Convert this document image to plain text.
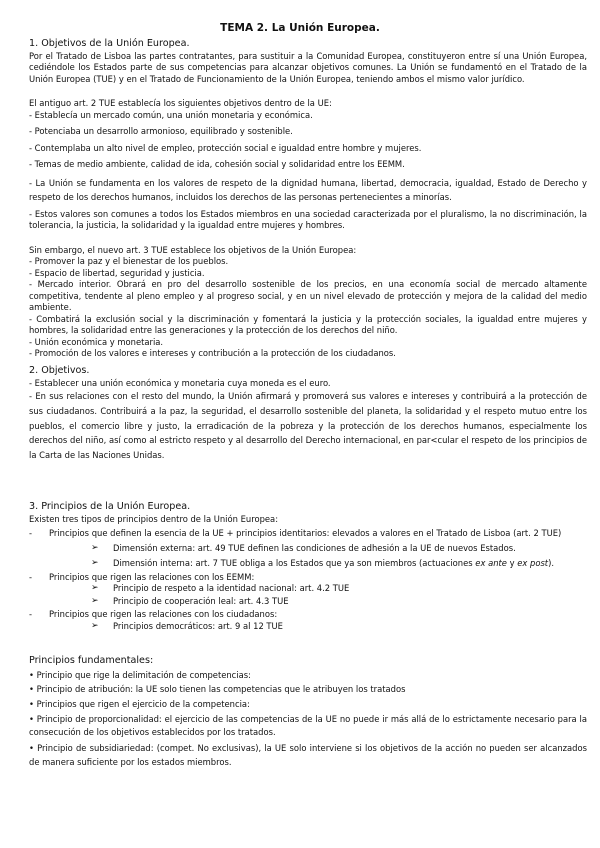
TEMA 2. La Unión Europea.
1. Objetivos de la Unión Europea.
Por el Tratado de Lisboa las partes contratantes, para sustituir a la Comunidad Europea, constituyeron entre sí una Unión Europea, cediéndole los Estados parte de sus competencias para alcanzar objetivos comunes. La Unión se fundamentó en el Tratado de la Unión Europea (TUE) y en el Tratado de Funcionamiento de la Unión Europea, teniendo ambos el mismo valor jurídico.
El antiguo art. 2 TUE establecía los siguientes objetivos dentro de la UE:
- Establecía un mercado común, una unión monetaria y económica.
- Potenciaba un desarrollo armonioso, equilibrado y sostenible.
- Contemplaba un alto nivel de empleo, protección social e igualdad entre hombre y mujeres.
- Temas de medio ambiente, calidad de ida, cohesión social y solidaridad entre los EEMM.
- La Unión se fundamenta en los valores de respeto de la dignidad humana, libertad, democracia, igualdad, Estado de Derecho y respeto de los derechos humanos, incluidos los derechos de las personas pertenecientes a minorías.
- Estos valores son comunes a todos los Estados miembros en una sociedad caracterizada por el pluralismo, la no discriminación, la tolerancia, la justicia, la solidaridad y la igualdad entre mujeres y hombres.
Sin embargo, el nuevo art. 3 TUE establece los objetivos de la Unión Europea:
- Promover la paz y el bienestar de los pueblos.
- Espacio de libertad, seguridad y justicia.
- Mercado interior. Obrará en pro del desarrollo sostenible de los precios, en una economía social de mercado altamente competitiva, tendente al pleno empleo y al progreso social, y en un nivel elevado de protección y mejora de la calidad del medio ambiente.
- Combatirá la exclusión social y la discriminación y fomentará la justicia y la protección sociales, la igualdad entre mujeres y hombres, la solidaridad entre las generaciones y la protección de los derechos del niño.
- Unión económica y monetaria.
- Promoción de los valores e intereses y contribución a la protección de los ciudadanos.
2. Objetivos.
- Establecer una unión económica y monetaria cuya moneda es el euro.
- En sus relaciones con el resto del mundo, la Unión afirmará y promoverá sus valores e intereses y contribuirá a la protección de sus ciudadanos. Contribuirá a la paz, la seguridad, el desarrollo sostenible del planeta, la solidaridad y el respeto mutuo entre los pueblos, el comercio libre y justo, la erradicación de la pobreza y la protección de los derechos humanos, especialmente los derechos del niño, así como al estricto respeto y al desarrollo del Derecho internacional, en par<cular el respeto de los principios de la Carta de las Naciones Unidas.
3. Principios de la Unión Europea.
Existen tres tipos de principios dentro de la Unión Europea:
-	Principios que definen la esencia de la UE + principios identitarios: elevados a valores en el Tratado de Lisboa (art. 2 TUE)
➢	Dimensión externa: art. 49 TUE definen las condiciones de adhesión a la UE de nuevos Estados.
➢	Dimensión interna: art. 7 TUE obliga a los Estados que ya son miembros (actuaciones ex ante y ex post).
-	Principios que rigen las relaciones con los EEMM:
➢	Principio de respeto a la identidad nacional: art. 4.2 TUE
➢	Principio de cooperación leal: art. 4.3 TUE
-	Principios que rigen las relaciones con los ciudadanos:
➢	Principios democráticos: art. 9 al 12 TUE
Principios fundamentales:
• Principio que rige la delimitación de competencias:
• Principio de atribución: la UE solo tienen las competencias que le atribuyen los tratados
• Principios que rigen el ejercicio de la competencia:
• Principio de proporcionalidad: el ejercicio de las competencias de la UE no puede ir más allá de lo estrictamente necesario para la consecución de los objetivos establecidos por los tratados.
• Principio de subsidiariedad: (compet. No exclusivas), la UE solo interviene si los objetivos de la acción no pueden ser alcanzados de manera suficiente por los estados miembros.
